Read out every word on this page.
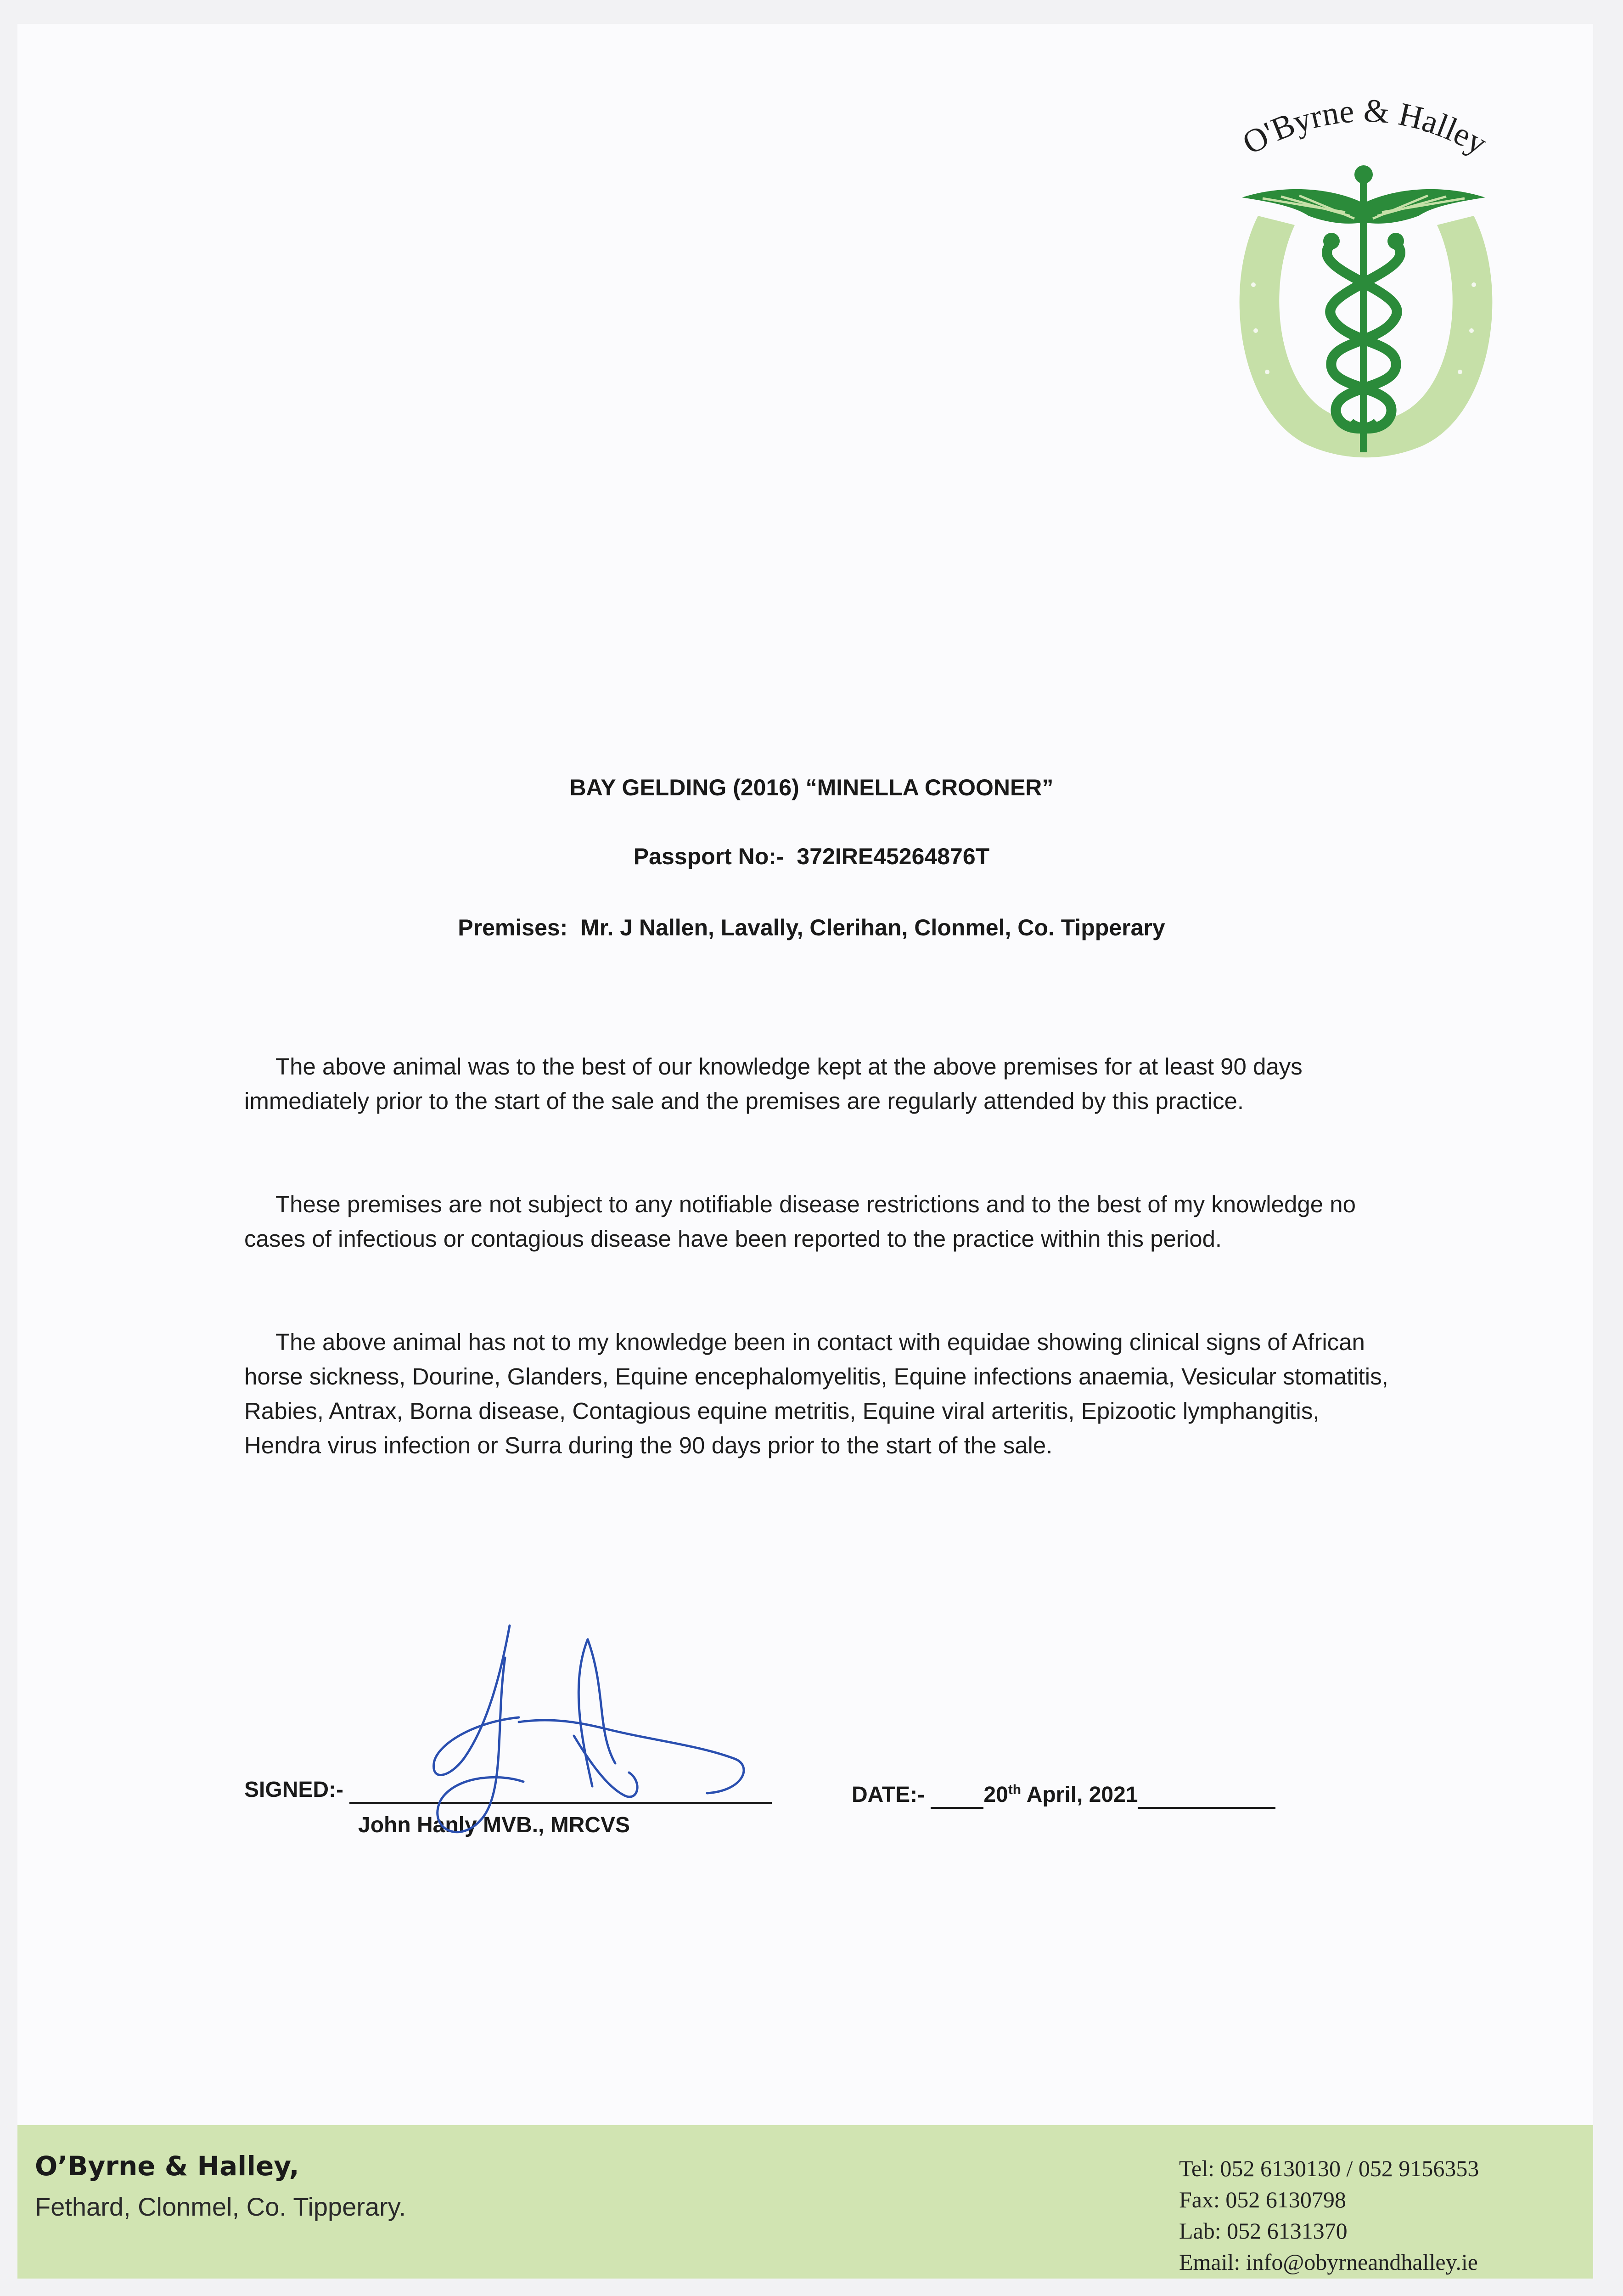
O'Byrne & Halley
BAY GELDING (2016) “MINELLA CROONER”
Passport No:- 372IRE45264876T
Premises: Mr. J Nallen, Lavally, Clerihan, Clonmel, Co. Tipperary

The above animal was to the best of our knowledge kept at the above premises for at least 90 days immediately prior to the start of the sale and the premises are regularly attended by this practice.

These premises are not subject to any notifiable disease restrictions and to the best of my knowledge no cases of infectious or contagious disease have been reported to the practice within this period.

The above animal has not to my knowledge been in contact with equidae showing clinical signs of African horse sickness, Dourine, Glanders, Equine encephalomyelitis, Equine infections anaemia, Vesicular stomatitis, Rabies, Antrax, Borna disease, Contagious equine metritis, Equine viral arteritis, Epizootic lymphangitis, Hendra virus infection or Surra during the 90 days prior to the start of the sale.

SIGNED:-
John Hanly MVB., MRCVS
DATE:-	20th April, 2021
O’Byrne & Halley,
Fethard, Clonmel, Co. Tipperary.
Tel: 052 6130130 / 052 9156353
Fax: 052 6130798
Lab: 052 6131370
Email: info@obyrneandhalley.ie
